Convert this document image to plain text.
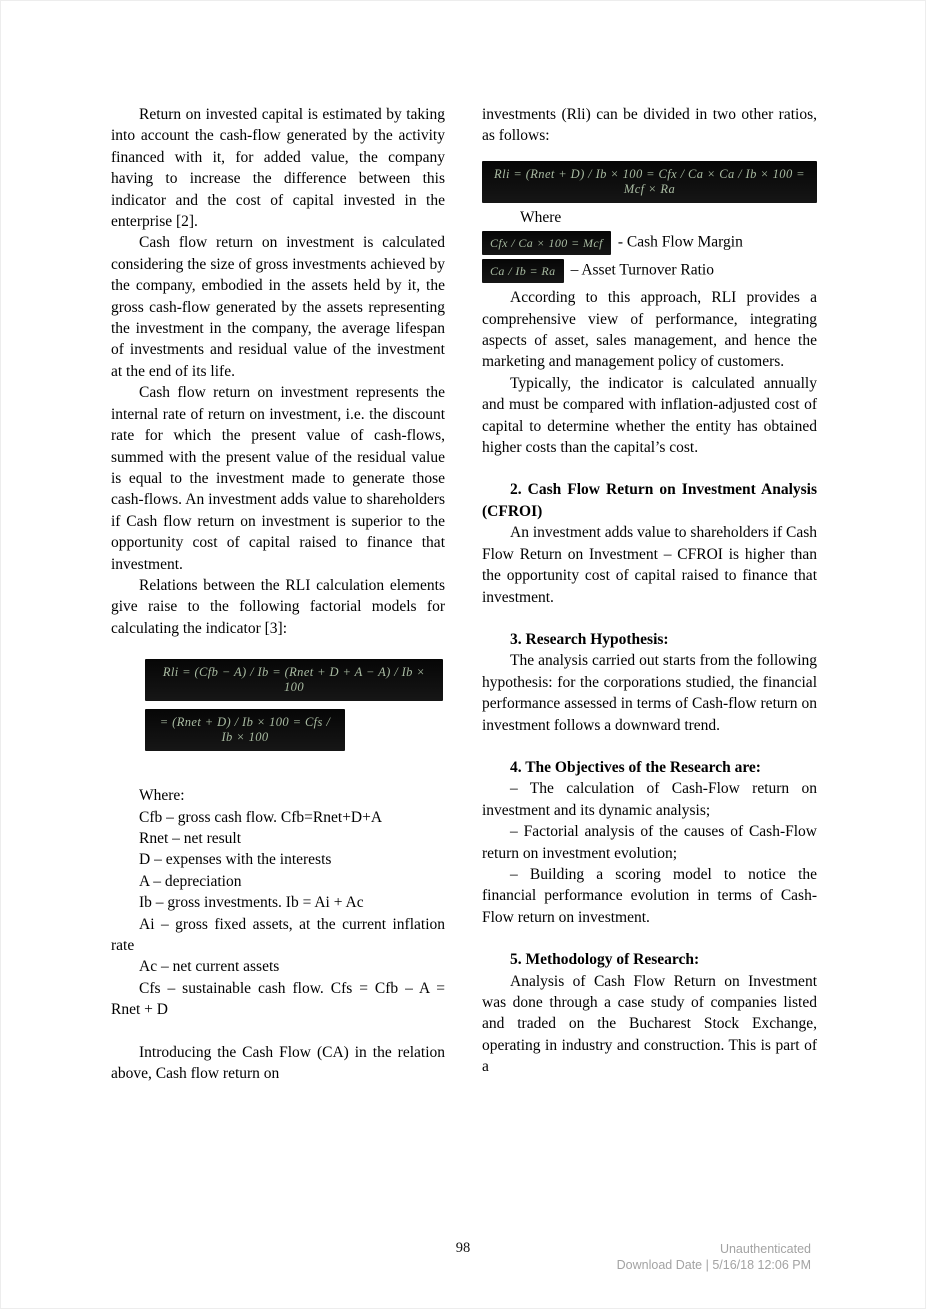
Return on invested capital is estimated by taking into account the cash-flow generated by the activity financed with it, for added value, the company having to increase the difference between this indicator and the cost of capital invested in the enterprise [2].

Cash flow return on investment is calculated considering the size of gross investments achieved by the company, embodied in the assets held by it, the gross cash-flow generated by the assets representing the investment in the company, the average lifespan of investments and residual value of the investment at the end of its life.

Cash flow return on investment represents the internal rate of return on investment, i.e. the discount rate for which the present value of cash-flows, summed with the present value of the residual value is equal to the investment made to generate those cash-flows. An investment adds value to shareholders if Cash flow return on investment is superior to the opportunity cost of capital raised to finance that investment.

Relations between the RLI calculation elements give raise to the following factorial models for calculating the indicator [3]:

Rli = (Cfb − A) / Ib = (Rnet + D + A − A) / Ib × 100
= (Rnet + D) / Ib × 100 = Cfs / Ib × 100

Where:

Cfb – gross cash flow. Cfb=Rnet+D+A

Rnet – net result

D – expenses with the interests

A – depreciation

Ib – gross investments. Ib = Ai + Ac

Ai – gross fixed assets, at the current inflation rate

Ac – net current assets

Cfs – sustainable cash flow. Cfs = Cfb – A = Rnet + D

Introducing the Cash Flow (CA) in the relation above, Cash flow return on

investments (Rli) can be divided in two other ratios, as follows:

Rli = (Rnet + D) / Ib × 100 = Cfx / Ca × Ca / Ib × 100 = Mcf × Ra

Where

Cfx / Ca × 100 = Mcf - Cash Flow Margin
Ca / Ib = Ra – Asset Turnover Ratio

According to this approach, RLI provides a comprehensive view of performance, integrating aspects of asset, sales management, and hence the marketing and management policy of customers.

Typically, the indicator is calculated annually and must be compared with inflation-adjusted cost of capital to determine whether the entity has obtained higher costs than the capital’s cost.

2. Cash Flow Return on Investment Analysis (CFROI)

An investment adds value to shareholders if Cash Flow Return on Investment – CFROI is higher than the opportunity cost of capital raised to finance that investment.

3. Research Hypothesis:

The analysis carried out starts from the following hypothesis: for the corporations studied, the financial performance assessed in terms of Cash-flow return on investment follows a downward trend.

4. The Objectives of the Research are:

– The calculation of Cash-Flow return on investment and its dynamic analysis;

– Factorial analysis of the causes of Cash-Flow return on investment evolution;

– Building a scoring model to notice the financial performance evolution in terms of Cash-Flow return on investment.

5. Methodology of Research:

Analysis of Cash Flow Return on Investment was done through a case study of companies listed and traded on the Bucharest Stock Exchange, operating in industry and construction. This is part of a

98	Unauthenticated
Download Date | 5/16/18 12:06 PM
